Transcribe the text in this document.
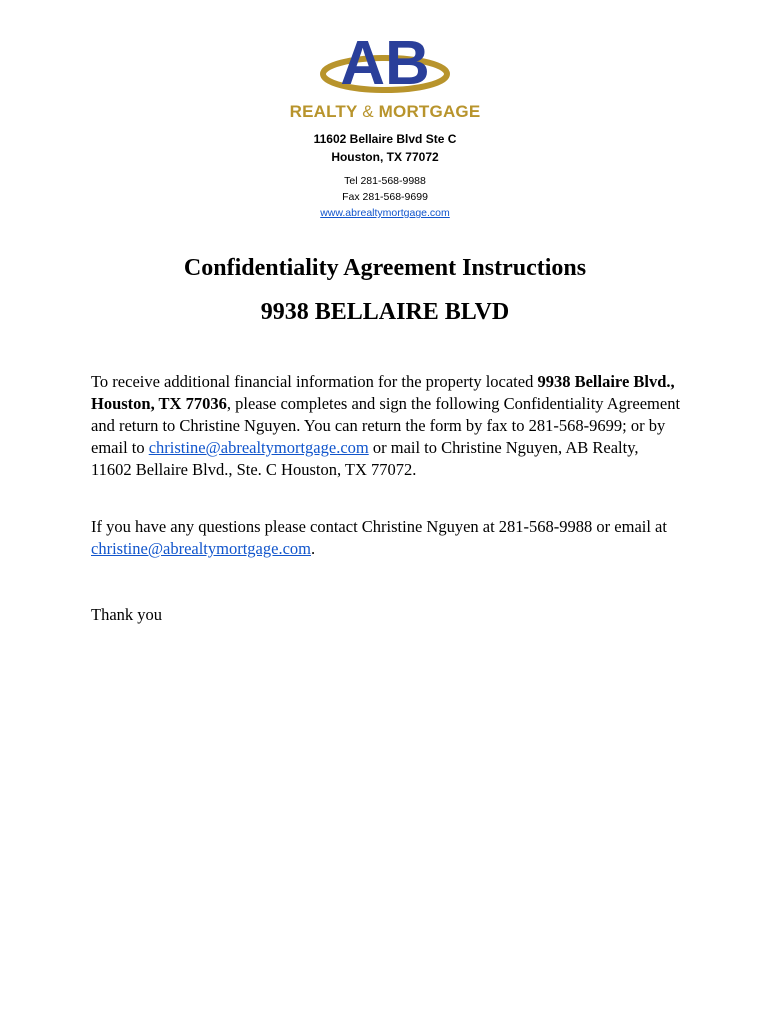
AB
REALTY & MORTGAGE
11602 Bellaire Blvd Ste C
Houston, TX 77072
Tel 281-568-9988
Fax 281-568-9699
www.abrealtymortgage.com
Confidentiality Agreement Instructions
9938 BELLAIRE BLVD

To receive additional financial information for the property located 9938 Bellaire Blvd., Houston, TX 77036, please completes and sign the following Confidentiality Agreement and return to Christine Nguyen. You can return the form by fax to 281-568-9699; or by email to christine@abrealtymortgage.com or mail to Christine Nguyen, AB Realty, 11602 Bellaire Blvd., Ste. C Houston, TX 77072.

If you have any questions please contact Christine Nguyen at 281-568-9988 or email at christine@abrealtymortgage.com.

Thank you
